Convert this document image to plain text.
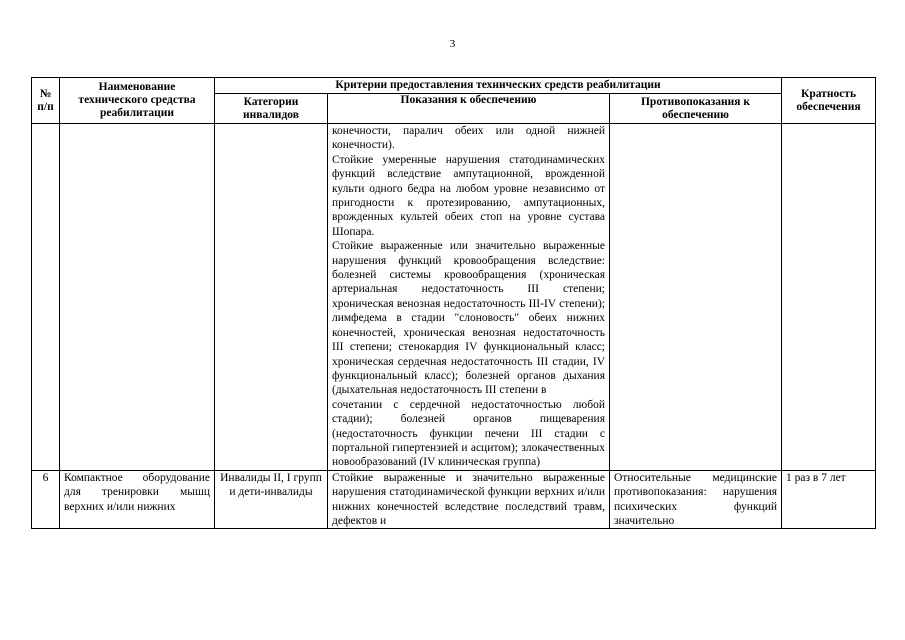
3
№ п/п	Наименование технического средства реабилитации	Критерии предоставления технических средств реабилитации			Кратность обеспечения
		Категории инвалидов	Показания к обеспечению	Противопоказания к обеспечению	

			конечности, паралич обеих или одной нижней конечности).
Стойкие умеренные нарушения статодинамических функций вследствие ампутационной, врожденной культи одного бедра на любом уровне независимо от пригодности к протезированию, ампутационных, врожденных культей обеих стоп на уровне сустава Шопара.
Стойкие выраженные или значительно выраженные нарушения функций кровообращения вследствие: болезней системы кровообращения (хроническая артериальная недостаточность III степени; хроническая венозная недостаточность III-IV степени); лимфедема в стадии "слоновость" обеих нижних конечностей, хроническая венозная недостаточность III степени; стенокардия IV функциональный класс; хроническая сердечная недостаточность III стадии, IV функциональный класс); болезней органов дыхания (дыхательная недостаточность III степени в
сочетании с сердечной недостаточностью любой стадии); болезней органов пищеварения (недостаточность функции печени III стадии с портальной гипертензией и асцитом); злокачественных новообразований (IV клиническая группа)		

6	Компактное оборудование для тренировки мышц верхних и/или нижних	Инвалиды II, I групп и дети-инвалиды	Стойкие выраженные и значительно выраженные нарушения статодинамической функции верхних и/или нижних конечностей вследствие последствий травм, дефектов и	Относительные медицинские противопоказания: нарушения психических функций значительно	1 раз в 7 лет
